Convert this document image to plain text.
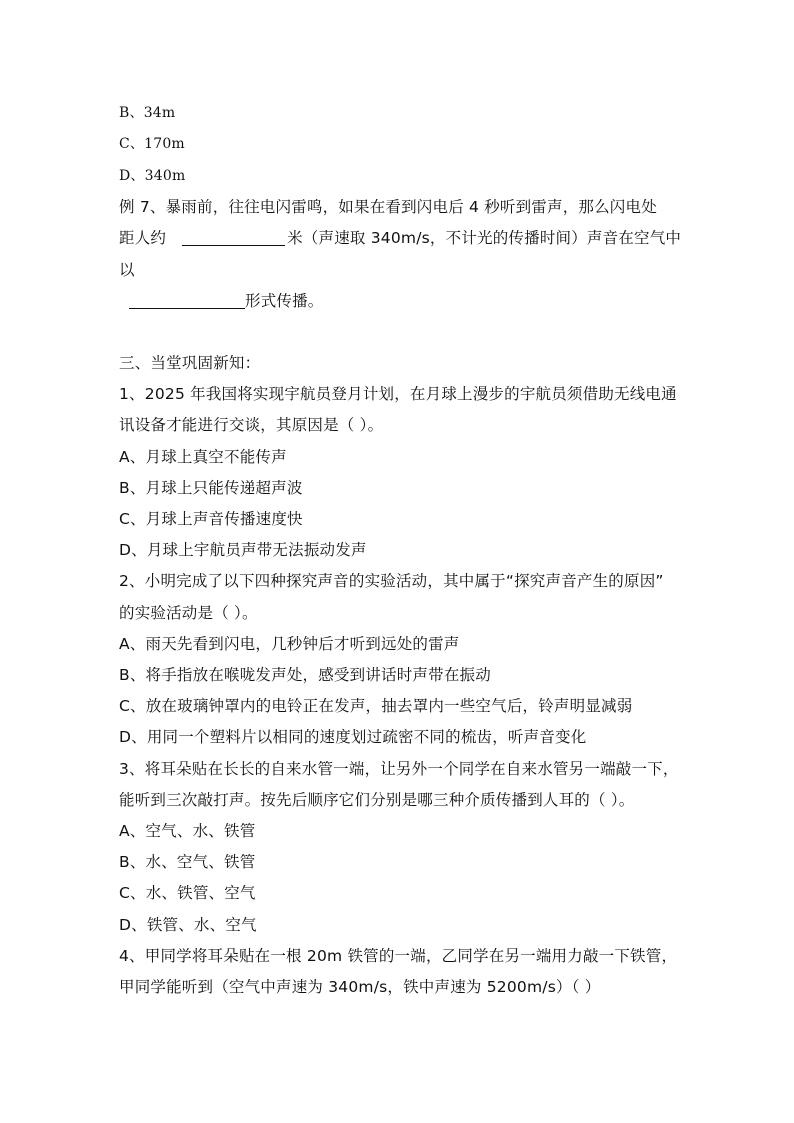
B、34m
C、170m
D、340m
例 7、暴雨前，往往电闪雷鸣，如果在看到闪电后 4 秒听到雷声，那么闪电处
距人约	米（声速取 340m/s，不计光的传播时间）声音在空气中
以
形式传播。
三、当堂巩固新知：
1、2025 年我国将实现宇航员登月计划，在月球上漫步的宇航员须借助无线电通
讯设备才能进行交谈，其原因是（ ）。
A、月球上真空不能传声
B、月球上只能传递超声波
C、月球上声音传播速度快
D、月球上宇航员声带无法振动发声
2、小明完成了以下四种探究声音的实验活动，其中属于“探究声音产生的原因”
的实验活动是（ ）。
A、雨天先看到闪电，几秒钟后才听到远处的雷声
B、将手指放在喉咙发声处，感受到讲话时声带在振动
C、放在玻璃钟罩内的电铃正在发声，抽去罩内一些空气后，铃声明显减弱
D、用同一个塑料片以相同的速度划过疏密不同的梳齿，听声音变化
3、将耳朵贴在长长的自来水管一端，让另外一个同学在自来水管另一端敲一下，
能听到三次敲打声。按先后顺序它们分别是哪三种介质传播到人耳的（ ）。
A、空气、水、铁管
B、水、空气、铁管
C、水、铁管、空气
D、铁管、水、空气
4、甲同学将耳朵贴在一根 20m 铁管的一端，乙同学在另一端用力敲一下铁管，
甲同学能听到（空气中声速为 340m/s，铁中声速为 5200m/s）（ ）
